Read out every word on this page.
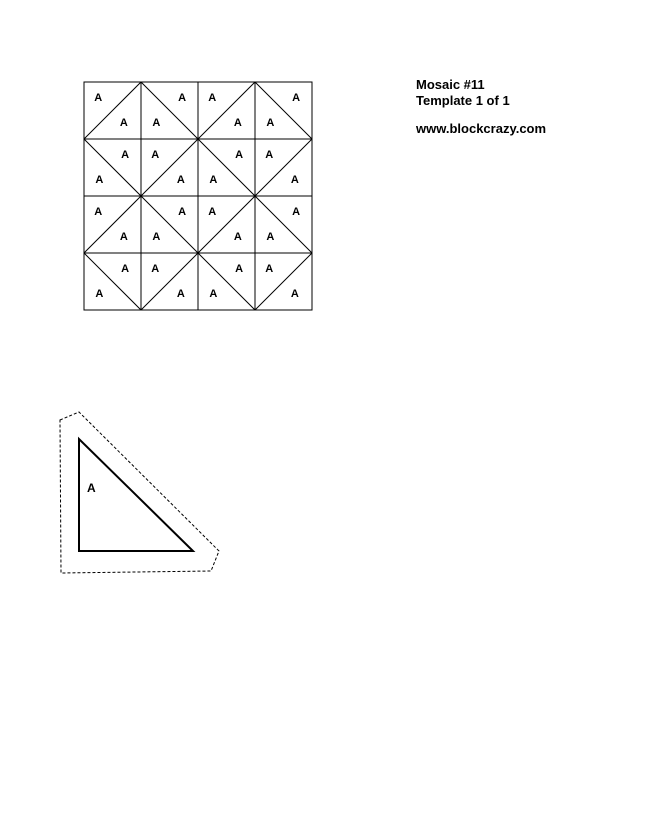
A
A
A
A
A
A
A
A
A
A
A
A
A
A
A
A
A
A
A
A
A
A
A
A
A
A
A
A
A
A
A
A
A
Mosaic #11
Template 1 of 1
www.blockcrazy.com
